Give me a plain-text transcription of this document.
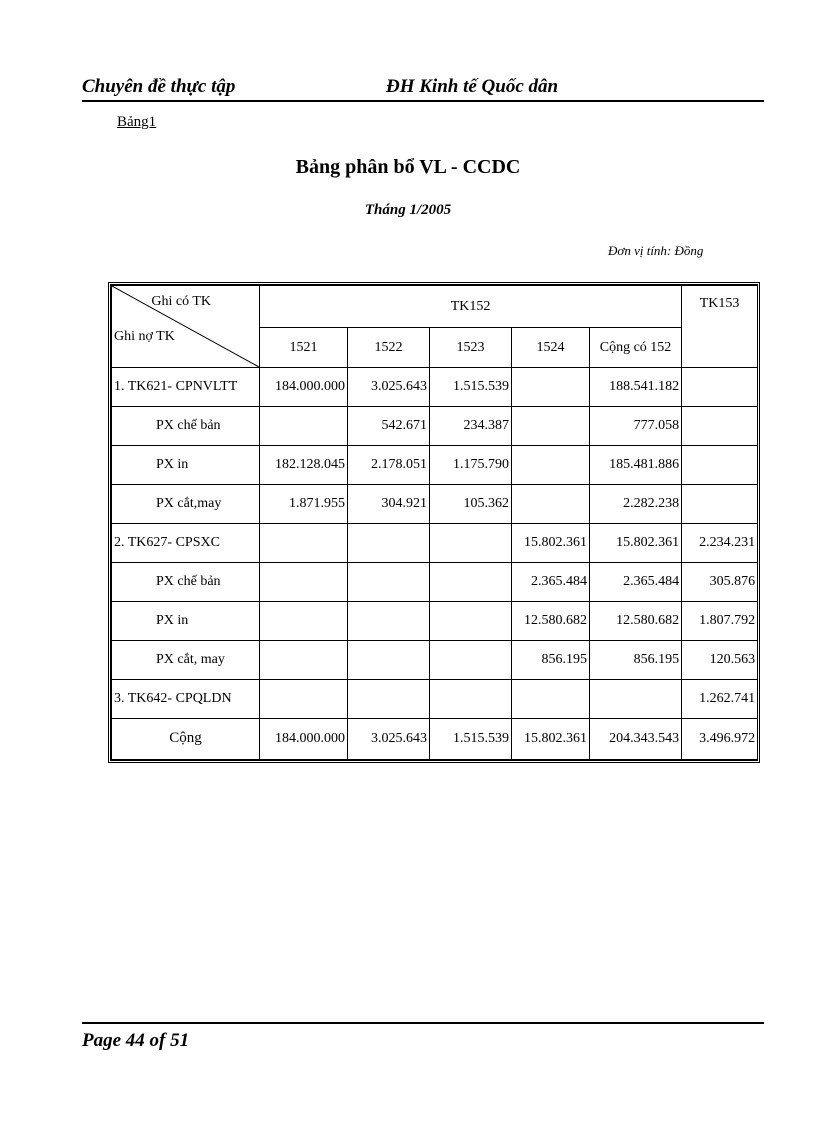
Chuyên đề thực tập	ĐH Kinh tế Quốc dân
Bảng1
Bảng phân bổ VL - CCDC
Tháng 1/2005
Đơn vị tính: Đồng
Ghi có TK
Ghi nợ TK	TK152					TK153
	1521	1522	1523	1524	Cộng có 152	
1. TK621- CPNVLTT	184.000.000	3.025.643	1.515.539		188.541.182	
PX chế bản		542.671	234.387		777.058	
PX in	182.128.045	2.178.051	1.175.790		185.481.886	
PX cắt,may	1.871.955	304.921	105.362		2.282.238	
2. TK627- CPSXC				15.802.361	15.802.361	2.234.231
PX chế bản				2.365.484	2.365.484	305.876
PX in				12.580.682	12.580.682	1.807.792
PX cắt, may				856.195	856.195	120.563
3. TK642- CPQLDN						1.262.741
Cộng	184.000.000	3.025.643	1.515.539	15.802.361	204.343.543	3.496.972
Page 44 of 51
